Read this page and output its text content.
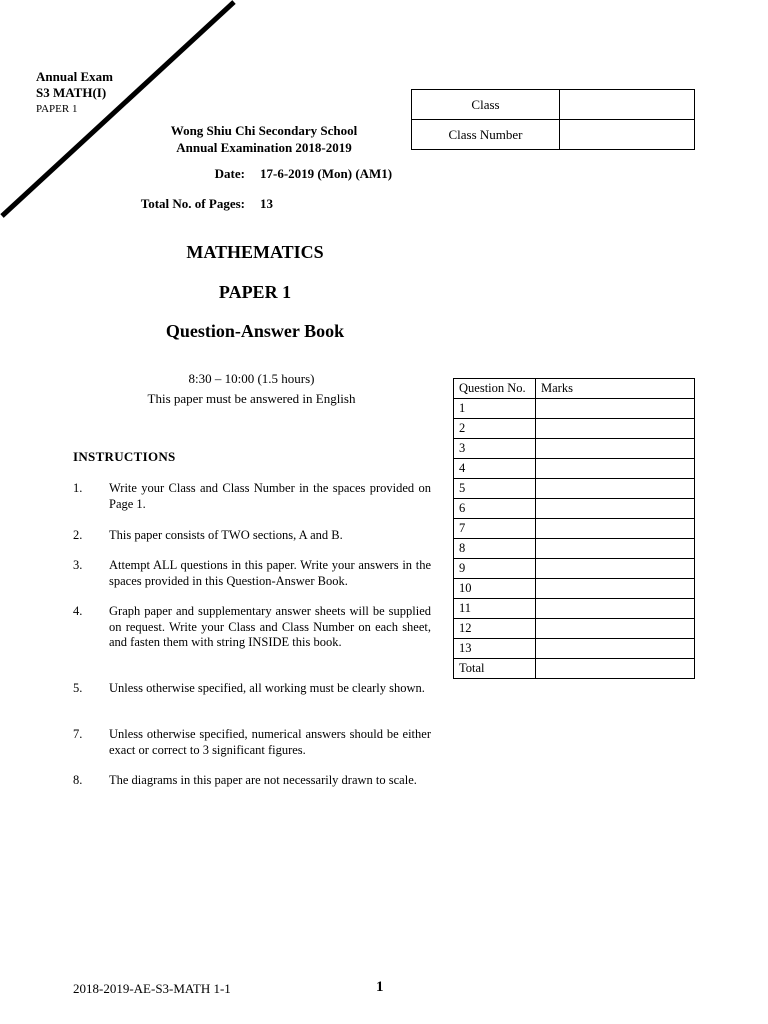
Annual Exam
S3 MATH(I)
PAPER 1
Wong Shiu Chi Secondary School
Annual Examination 2018-2019
Date: 17-6-2019 (Mon) (AM1)
Total No. of Pages: 13
Class	
Class Number	
MATHEMATICS
PAPER 1
Question-Answer Book
8:30 – 10:00 (1.5 hours)
This paper must be answered in English
INSTRUCTIONS
1.	Write your Class and Class Number in the spaces provided on Page 1.
2.	This paper consists of TWO sections, A and B.
3.	Attempt ALL questions in this paper. Write your answers in the spaces provided in this Question-Answer Book.
4.	Graph paper and supplementary answer sheets will be supplied on request. Write your Class and Class Number on each sheet, and fasten them with string INSIDE this book.
5.	Unless otherwise specified, all working must be clearly shown.
7.	Unless otherwise specified, numerical answers should be either exact or correct to 3 significant figures.
8.	The diagrams in this paper are not necessarily drawn to scale.
Question No.	Marks
1	
2	
3	
4	
5	
6	
7	
8	
9	
10	
11	
12	
13	
Total	
2018-2019-AE-S3-MATH 1-1	1
